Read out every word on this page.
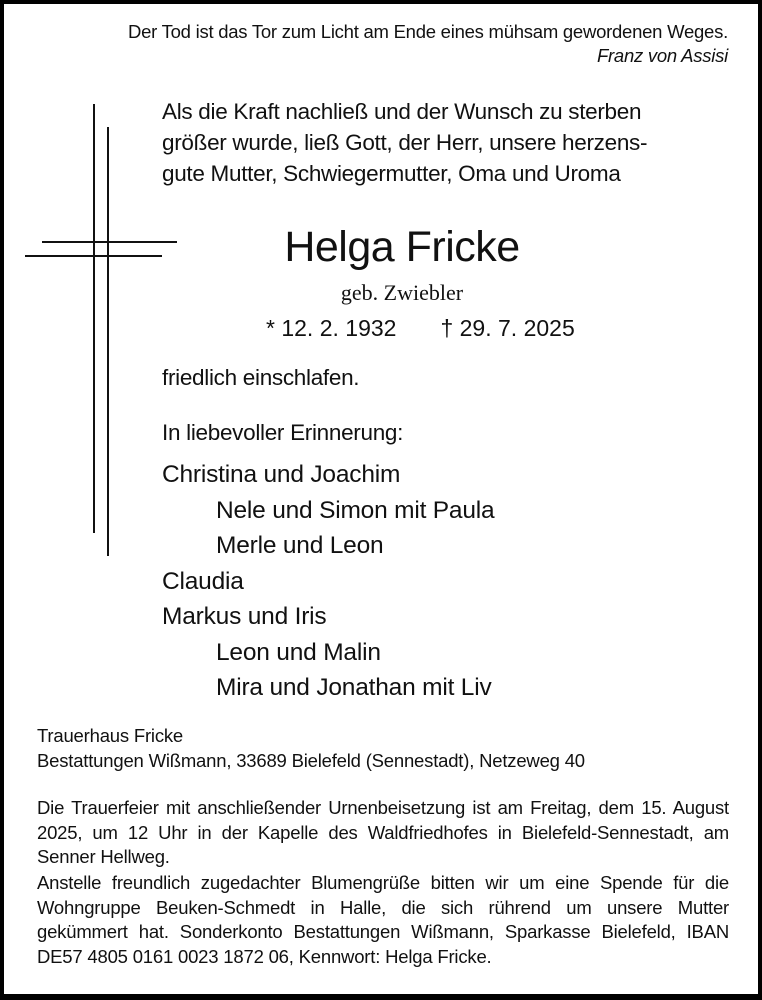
Der Tod ist das Tor zum Licht am Ende eines mühsam gewordenen Weges.
Franz von Assisi
Als die Kraft nachließ und der Wunsch zu sterben
größer wurde, ließ Gott, der Herr, unsere herzens-
gute Mutter, Schwiegermutter, Oma und Uroma
Helga Fricke
geb. Zwiebler
* 12. 2. 1932 † 29. 7. 2025
friedlich einschlafen.
In liebevoller Erinnerung:
Christina und Joachim
Nele und Simon mit Paula
Merle und Leon
Claudia
Markus und Iris
Leon und Malin
Mira und Jonathan mit Liv
Trauerhaus Fricke
Bestattungen Wißmann, 33689 Bielefeld (Sennestadt), Netzeweg 40
Die Trauerfeier mit anschließender Urnenbeisetzung ist am Freitag, dem 15. August 2025, um 12 Uhr in der Kapelle des Waldfriedhofes in Bielefeld-Sennestadt, am Senner Hellweg.
Anstelle freundlich zugedachter Blumengrüße bitten wir um eine Spende für die Wohngruppe Beuken-Schmedt in Halle, die sich rührend um unsere Mutter gekümmert hat. Sonderkonto Bestattungen Wißmann, Sparkasse Bielefeld, IBAN DE57 4805 0161 0023 1872 06, Kennwort: Helga Fricke.
